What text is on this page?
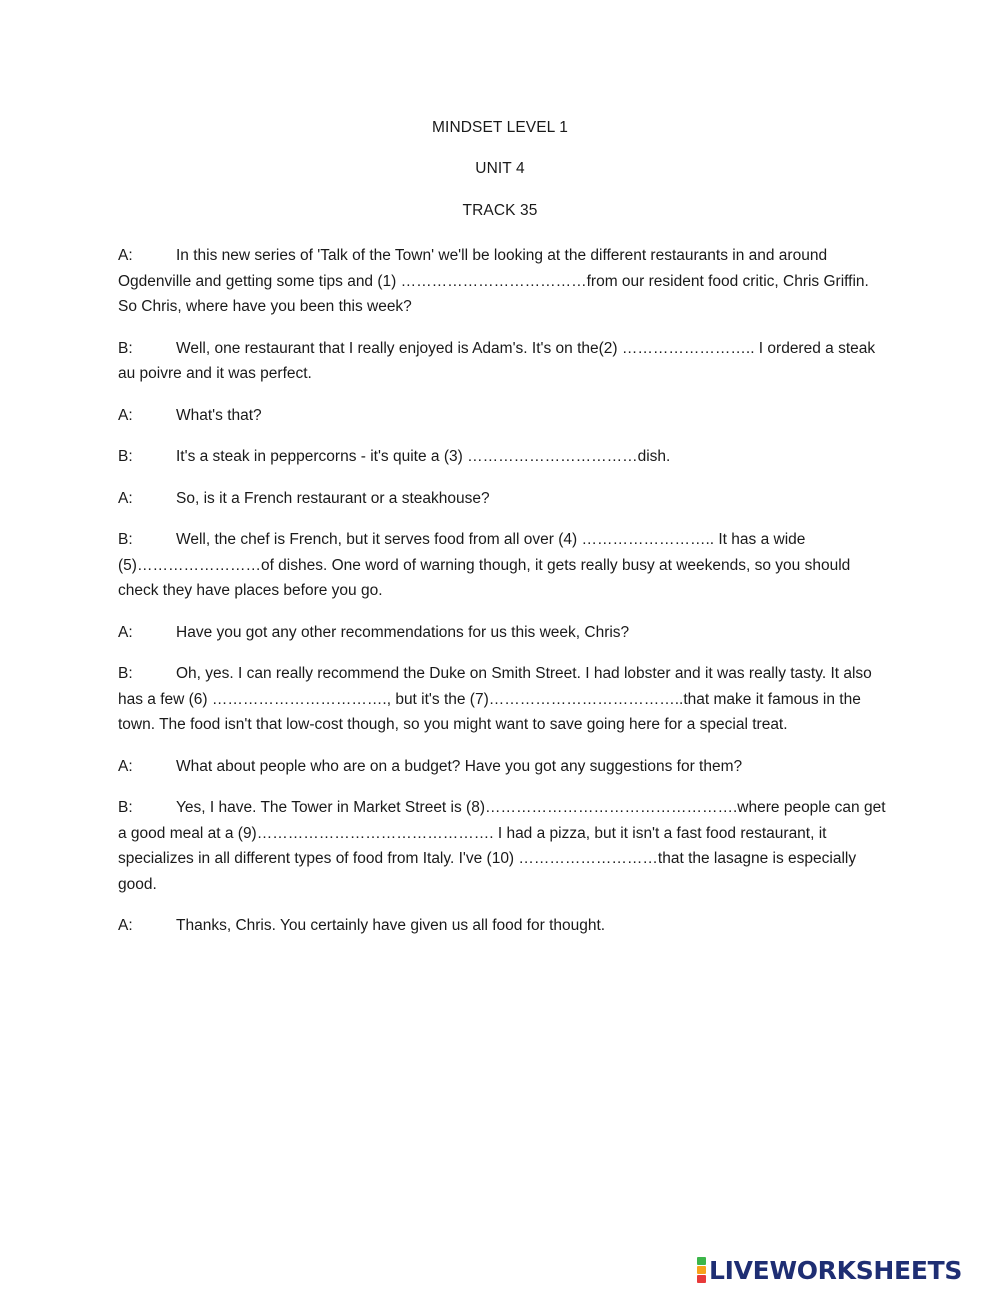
MINDSET LEVEL 1
UNIT 4
TRACK 35

A:	In this new series of 'Talk of the Town' we'll be looking at the different restaurants in and around Ogdenville and getting some tips and (1) ………………………………from our resident food critic, Chris Griffin. So Chris, where have you been this week?

B:	Well, one restaurant that I really enjoyed is Adam's. It's on the(2) …………………….. I ordered a steak au poivre and it was perfect.

A:	What's that?

B:	It's a steak in peppercorns - it's quite a (3) ……………………………dish.

A:	So, is it a French restaurant or a steakhouse?

B:	Well, the chef is French, but it serves food from all over (4) …………………….. It has a wide (5)……………………of dishes. One word of warning though, it gets really busy at weekends, so you should check they have places before you go.

A:	Have you got any other recommendations for us this week, Chris?

B:	Oh, yes. I can really recommend the Duke on Smith Street. I had lobster and it was really tasty. It also has a few (6) ……………………………., but it's the (7)………………………………..that make it famous in the town. The food isn't that low-cost though, so you might want to save going here for a special treat.

A:	What about people who are on a budget? Have you got any suggestions for them?

B:	Yes, I have. The Tower in Market Street is (8)………………………………………….where people can get a good meal at a (9)………………………………………. I had a pizza, but it isn't a fast food restaurant, it specializes in all different types of food from Italy. I've (10) ………………………that the lasagne is especially good.

A:	Thanks, Chris. You certainly have given us all food for thought.

LIVEWORKSHEETS
